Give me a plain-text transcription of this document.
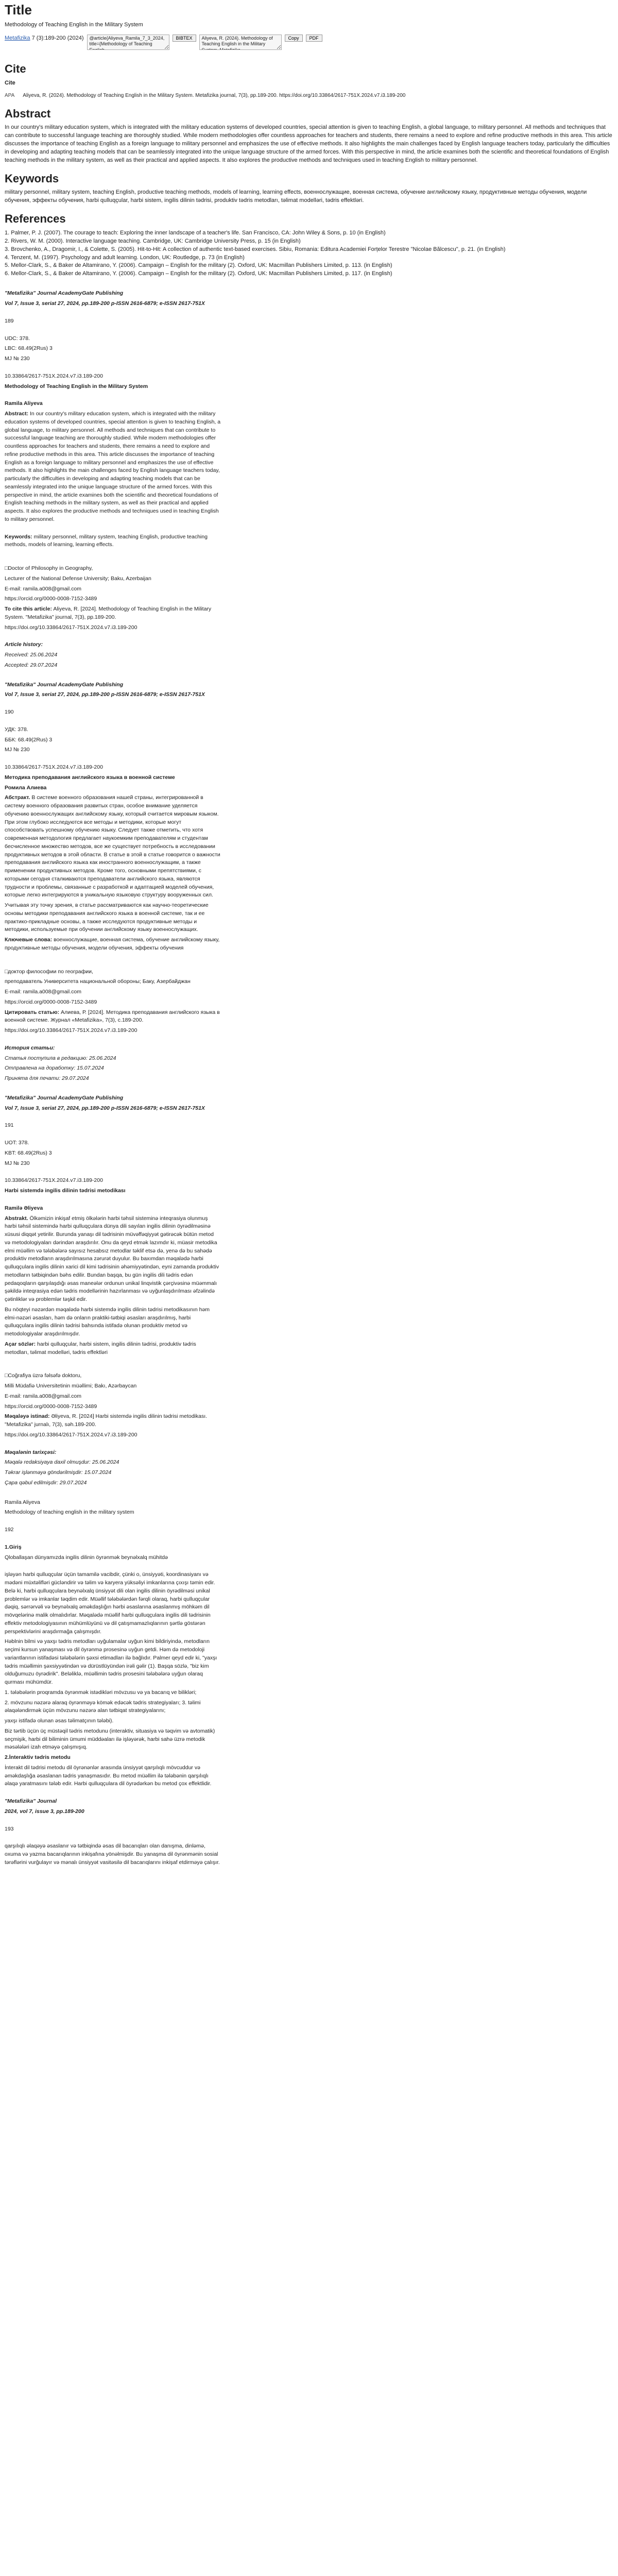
Title
Methodology of Teaching English in the Military System
Metafizika 7 (3):189-200 (2024)
@article{Aliyeva_Ramila_7_3_2024, title={Methodology of Teaching English	BIBTEX
Aliyeva, R. (2024). Methodology of Teaching English in the Military System. Metafizika	Copy	PDF
Cite
Cite
APA Aliyeva, R. (2024). Methodology of Teaching English in the Military System. Metafizika journal, 7(3), pp.189-200. https://doi.org/10.33864/2617-751X.2024.v7.i3.189-200
Abstract

In our country's military education system, which is integrated with the military education systems of developed countries, special attention is given to teaching English, a global language, to military personnel. All methods and techniques that can contribute to successful language teaching are thoroughly studied. While modern methodologies offer countless approaches for teachers and students, there remains a need to explore and refine productive methods in this area. This article discusses the importance of teaching English as a foreign language to military personnel and emphasizes the use of effective methods. It also highlights the main challenges faced by English language teachers today, particularly the difficulties in developing and adapting teaching models that can be seamlessly integrated into the unique language structure of the armed forces. With this perspective in mind, the article examines both the scientific and theoretical foundations of English teaching methods in the military system, as well as their practical and applied aspects. It also explores the productive methods and techniques used in teaching English to military personnel.

Keywords

military personnel, military system, teaching English, productive teaching methods, models of learning, learning effects, военнослужащие, военная система, обучение английскому языку, продуктивные методы обучения, модели обучения, эффекты обучения, harbi qulluqçular, harbi sistem, ingilis dilinin tədrisi, produktiv tədris metodları, təlimat modelləri, tədris effektləri.

References
1. Palmer, P. J. (2007). The courage to teach: Exploring the inner landscape of a teacher's life. San Francisco, CA: John Wiley & Sons, p. 10 (in English)
2. Rivers, W. M. (2000). Interactive language teaching. Cambridge, UK: Cambridge University Press, p. 15 (in English)
3. Brovchenko, A., Dragomir, I., & Colette, S. (2005). Hit-to-Hit: A collection of authentic text-based exercises. Sibiu, Romania: Editura Academiei Forțelor Terestre "Nicolae Bălcescu", p. 21. (in English)
4. Tenzent, M. (1997). Psychology and adult learning. London, UK: Routledge, p. 73 (in English)
5. Mellor-Clark, S., & Baker de Altamirano, Y. (2006). Campaign – English for the military (2). Oxford, UK: Macmillan Publishers Limited, p. 113. (in English)
6. Mellor-Clark, S., & Baker de Altamirano, Y. (2006). Campaign – English for the military (2). Oxford, UK: Macmillan Publishers Limited, p. 117. (in English)

"Metafizika" Journal AcademyGate Publishing

Vol 7, Issue 3, seriat 27, 2024, pp.189-200 p-ISSN 2616-6879; e-ISSN 2617-751X

189

UDC: 378.

LBC: 68.49(2Rus) 3

MJ № 230

10.33864/2617-751X.2024.v7.i3.189-200

Methodology of Teaching English in the Military System

Ramila Aliyeva

Abstract: In our country's military education system, which is integrated with the military education systems of developed countries, special attention is given to teaching English, a global language, to military personnel. All methods and techniques that can contribute to successful language teaching are thoroughly studied. While modern methodologies offer countless approaches for teachers and students, there remains a need to explore and refine productive methods in this area. This article discusses the importance of teaching English as a foreign language to military personnel and emphasizes the use of effective methods. It also highlights the main challenges faced by English language teachers today, particularly the difficulties in developing and adapting teaching models that can be seamlessly integrated into the unique language structure of the armed forces. With this perspective in mind, the article examines both the scientific and theoretical foundations of English teaching methods in the military system, as well as their practical and applied aspects. It also explores the productive methods and techniques used in teaching English to military personnel.

Keywords: military personnel, military system, teaching English, productive teaching methods, models of learning, learning effects.

□Doctor of Philosophy in Geography,

Lecturer of the National Defense University; Baku, Azerbaijan

E-mail: ramila.a008@gmail.com

https://orcid.org/0000-0008-7152-3489

To cite this article: Aliyeva, R. [2024]. Methodology of Teaching English in the Military System. "Metafizika" journal, 7(3), pp.189-200.

https://doi.org/10.33864/2617-751X.2024.v7.i3.189-200

Article history:

Received: 25.06.2024

Accepted: 29.07.2024

"Metafizika" Journal AcademyGate Publishing

Vol 7, Issue 3, seriat 27, 2024, pp.189-200 p-ISSN 2616-6879; e-ISSN 2617-751X

190

УДК: 378.

ББК: 68.49(2Rus) 3

MJ № 230

10.33864/2617-751X.2024.v7.i3.189-200

Методика преподавания английского языка в военной системе

Ромила Алиева

Абстракт. В системе военного образования нашей страны, интегрированной в систему военного образования развитых стран, особое внимание уделяется обучению военнослужащих английскому языку, который считается мировым языком. При этом глубоко исследуются все методы и методики, которые могут способствовать успешному обучению языку. Следует также отметить, что хотя современная методология предлагает наукоемким преподавателям и студентам бесчисленное множество методов, все же существует потребность в исследовании продуктивных методов в этой области. В статье в этой в статье говорится о важности преподавания английского языка как иностранного военнослужащим, а также применении продуктивных методов. Кроме того, основными препятствиями, с которыми сегодня сталкиваются преподаватели английского языка, являются трудности и проблемы, связанные с разработкой и адаптацией моделей обучения, которые легко интегрируются в уникальную языковую структуру вооруженных сил.

Учитывая эту точку зрения, в статье рассматриваются как научно-теоретические основы методики преподавания английского языка в военной системе, так и ее практико-прикладные основы, а также исследуются продуктивные методы и методики, используемые при обучении английскому языку военнослужащих.

Ключевые слова: военнослужащие, военная система, обучение английскому языку, продуктивные методы обучения, модели обучения, эффекты обучения

□доктор философии по географии,

преподаватель Университета национальной обороны; Баку, Азербайджан

E-mail: ramila.a008@gmail.com

https://orcid.org/0000-0008-7152-3489

Цитировать статью: Алиева, Р. [2024]. Методика преподавания английского языка в военной системе. Журнал «Metafizika», 7(3), с.189-200.

https://doi.org/10.33864/2617-751X.2024.v7.i3.189-200

История статьи:

Статья поступила в редакцию: 25.06.2024

Отправлена на доработку: 15.07.2024

Принята для печати: 29.07.2024

"Metafizika" Journal AcademyGate Publishing

Vol 7, Issue 3, seriat 27, 2024, pp.189-200 p-ISSN 2616-6879; e-ISSN 2617-751X

191

UOT: 378.

KBT: 68.49(2Rus) 3

MJ № 230

10.33864/2617-751X.2024.v7.i3.189-200

Harbi sistemdə ingilis dilinin tədrisi metodikası

Ramilə Əliyeva

Abstrakt. Ölkəmizin inkişaf etmiş ölkələrin harbi təhsil sisteminə inteqrasiya olunmuş harbi təhsil sistemində harbi qulluqçulara dünya dili sayılan ingilis dilinin öyrədilməsinə xüsusi diqqət yetirilir. Burunda yanaşı dil tədrisinin müvəffəqiyyət gətirəcək bütün metod və metodologiyaları dərindən araşdırılır. Onu da qeyd etmək lazımdır ki, müasir metodika elmi müəllim və tələbələrə sayısız hesabsız metodlar təklif etsə də, yenə də bu sahədə produktiv metodların araşdırılmasına zərurət duyulur. Bu baxımdan məqalədə harbi qulluqçulara ingilis dilinin xarici dil kimi tədrisinin əhəmiyyətindən, eyni zamanda produktiv metodların tətbiqindən bəhs edilir. Bundan başqa, bu gün ingilis dili tədris edən pedaqoqların qarşılaşdığı əsas maneələr ordunun unikal linqvistik çərçivəsinə müəmmalı şəkildə inteqrasiya edən tədris modellərinin hazırlanması və uyğunlaşdırılması əfzəlində çətinliklər və problemlər təşkil edir.

Bu nöqteyi nəzərdən məqalədə harbi sistemdə ingilis dilinin tədrisi metodikasının həm elmi-nəzəri əsasları, həm də onların praktiki-tətbiqi əsasları araşdırılmış, harbi qulluqçulara ingilis dilinin tədrisi bahsında istifadə olunan produktiv metod və metodologiyalar araşdırılmışdır.

Açar sözlər: harbi qulluqçular, harbi sistem, ingilis dilinin tədrisi, produktiv tədris metodları, təlimat modelləri, tədris effektləri

□Coğrafiya üzrə fəlsəfə doktoru,

Milli Müdafiə Universitetinin müəllimi; Bakı, Azərbaycan

E-mail: ramila.a008@gmail.com

https://orcid.org/0000-0008-7152-3489

Məqaləyə istinad: Əliyeva, R. [2024] Harbi sistemdə ingilis dilinin tədrisi metodikası. "Metafizika" jurnalı, 7(3), səh.189-200.

https://doi.org/10.33864/2617-751X.2024.v7.i3.189-200

Məqalənin tarixçəsi:

Məqalə redaksiyaya daxil olmuşdur: 25.06.2024

Təkrar işlənməyə göndərilmişdir: 15.07.2024

Çapa qəbul edilmişdir: 29.07.2024

Ramila Aliyeva

Methodology of teaching english in the military system

192

1.Giriş

Qloballaşan dünyamızda ingilis dilinin öyrənmək beynəlxalq mühitdə

işləyən harbi qulluqçular üçün tamamilə vacibdir, çünki o, ünsiyyəti, koordinasiyanı və mədəni müxtəlifləri gücləndirir və təlim və karyera yüksəliyi imkanlarına çıxışı təmin edir. Belə ki, harbi qulluqçulara beynəlxalq ünsiyyət dili olan ingilis dilinin öyrədilməsi unikal problemlər və imkanlar təqdim edir. Müəllif tələbələrdən fərqli olaraq, harbi qulluqçular dəqiq, sərrərvəli və beynəlxalq əməkdaşlığın hərbi əsaslarına əsaslanmış möhkəm dil mövqelərinə malik olmalıdırlar. Məqalədə müəllif harbi qulluqçulara ingilis dili tədrisinin effektiv metodologiyasının mühümlüyünü və dil çatışmamazlıqlarının şərtlə göstərən perspektivlərini araşdırmağa çalışmışdır.

Həblnin bilmi və yaxşı tədris metodları uyğulamalar uyğun kimi bildiriyində, metodların seçimi kursun yanaşması və dil öyrənmə prosesinə uyğun getdi. Həm də metodoloji variantlarının istifadəsi tələbələrin şəxsi etimadları ilə bağlıdır. Palmer qeyd edir ki, "yaxşı tədris müəllimin şəxsiyyətindən və dürüstlüyündən irəli gəlir (1). Başqa sözlə, "biz kim olduğumuzu öyrədirik". Beləliklə, müəllimin tədris prosesini tələbələrə uyğun olaraq qurması mühümdür.

1. tələbələrin proqramda öyrənmək istədikləri mövzusu və ya bacarıq ve bilikləri;

2. mövzunu nəzərə alaraq öyrənməyə kömək edəcək tədris strategiyaları; 3. təlimi əlaqələndirmək üçün mövzunu nəzərə alan tətbiqat strategiyalarını;

yaxşı istifadə olunan əsas təlimatçının tələbi).

Biz tərtib üçün üç müstəqil tədris metodunu (interaktiv, situasiya və təqvim və avtomatik) seçmişik, harbi dil biliminin ümumi müddəaları ilə işləyərək, harbi sahə üzrə metodik məsələləri izah etməyə çalışmışıq.

2.İnteraktiv tədris metodu

İnterakt dil tədrisi metodu dil öyrənənlər arasında ünsiyyət qarşılıqlı mövcuddur və əməkdaşlığa əsaslanan tədris yanaşmasıdır. Bu metod müəllim ilə tələbənin qarşılıqlı əlaqə yaratmasını tələb edir. Harbi qulluqçulara dil öyrədərkən bu metod çox effektlidir.

"Metafizika" Journal

2024, vol 7, issue 3, pp.189-200

193

qarşılıqlı əlaqəyə əsaslanır və tətbiqində əsas dil bacarıqları olan danışma, dinləmə, oxuma və yazma bacarıqlarının inkişafına yönəlmişdir. Bu yanaşma dil öyrənmənin sosial tərəflərini vurğulayır və mənalı ünsiyyət vasitəsilə dil bacarıqlarını inkişaf etdirməyə çalışır.
